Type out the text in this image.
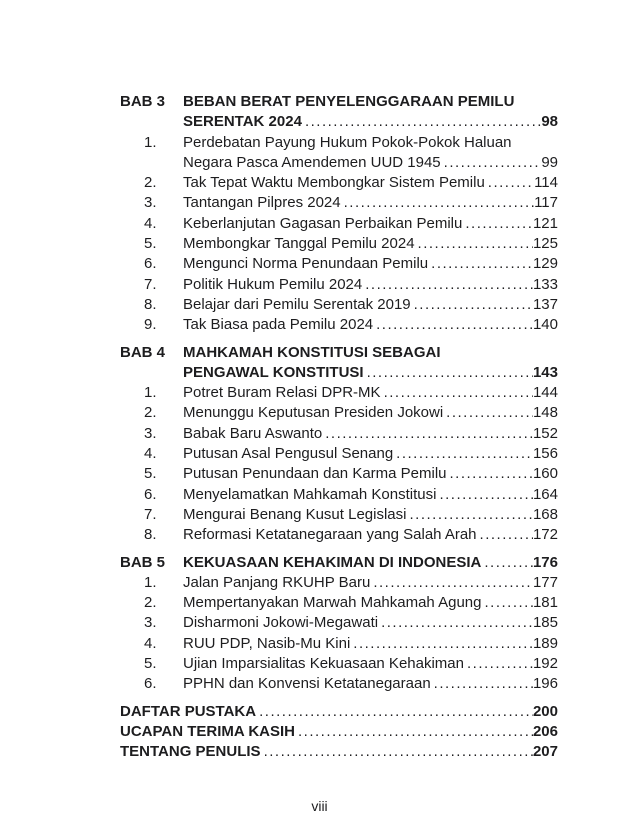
BAB 3	BEBAN BERAT PENYELENGGARAAN PEMILU
SERENTAK 2024 .....	98
1.	Perdebatan Payung Hukum Pokok-Pokok Haluan
Negara Pasca Amendemen UUD 1945 .....	99
2.	Tak Tepat Waktu Membongkar Sistem Pemilu .....	114
3.	Tantangan Pilpres 2024 .....	117
4.	Keberlanjutan Gagasan Perbaikan Pemilu .....	121
5.	Membongkar Tanggal Pemilu 2024 .....	125
6.	Mengunci Norma Penundaan Pemilu .....	129
7.	Politik Hukum Pemilu 2024 .....	133
8.	Belajar dari Pemilu Serentak 2019 .....	137
9.	Tak Biasa pada Pemilu 2024 .....	140
BAB 4	MAHKAMAH KONSTITUSI SEBAGAI
PENGAWAL KONSTITUSI .....	143
1.	Potret Buram Relasi DPR-MK .....	144
2.	Menunggu Keputusan Presiden Jokowi .....	148
3.	Babak Baru Aswanto .....	152
4.	Putusan Asal Pengusul Senang .....	156
5.	Putusan Penundaan dan Karma Pemilu .....	160
6.	Menyelamatkan Mahkamah Konstitusi .....	164
7.	Mengurai Benang Kusut Legislasi .....	168
8.	Reformasi Ketatanegaraan yang Salah Arah .....	172
BAB 5	KEKUASAAN KEHAKIMAN DI INDONESIA .....	176
1.	Jalan Panjang RKUHP Baru .....	177
2.	Mempertanyakan Marwah Mahkamah Agung .....	181
3.	Disharmoni Jokowi-Megawati .....	185
4.	RUU PDP, Nasib-Mu Kini .....	189
5.	Ujian Imparsialitas Kekuasaan Kehakiman .....	192
6.	PPHN dan Konvensi Ketatanegaraan .....	196
DAFTAR PUSTAKA .....	200
UCAPAN TERIMA KASIH .....	206
TENTANG PENULIS .....	207
viii
